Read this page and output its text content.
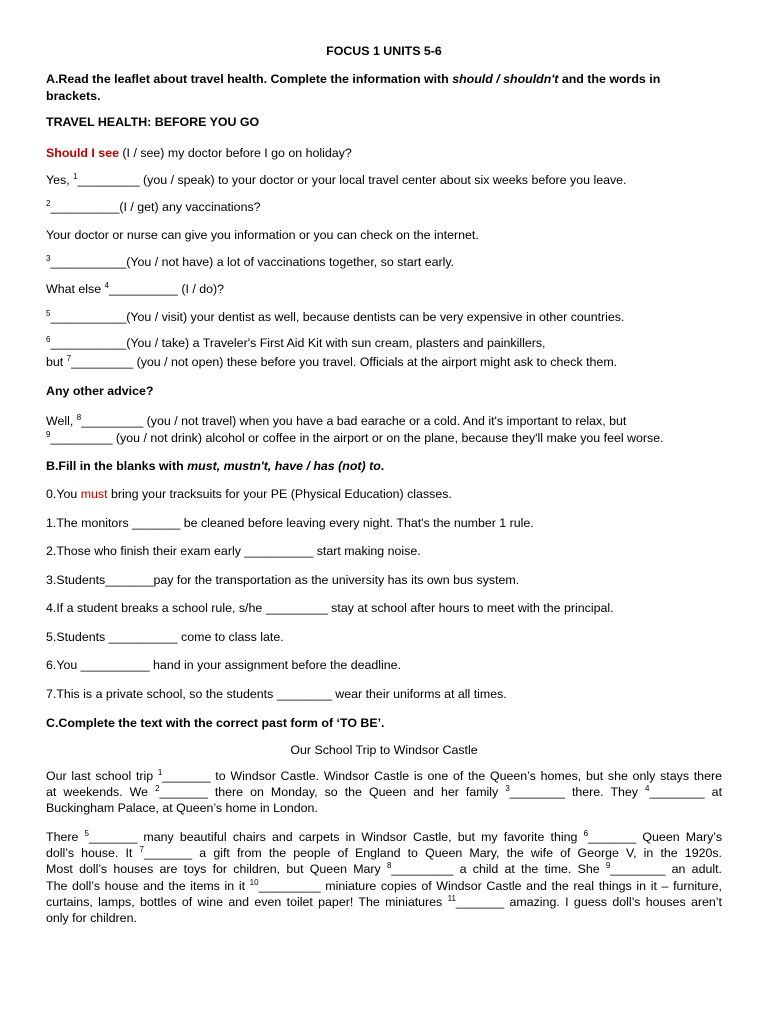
FOCUS 1 UNITS 5-6
A.Read the leaflet about travel health. Complete the information with should / shouldn't and the words in
brackets.
TRAVEL HEALTH: BEFORE YOU GO
Should I see (I / see) my doctor before I go on holiday?
Yes, $^1$_________ (you / speak) to your doctor or your local travel center about six weeks before you leave.
$^2$__________(I / get) any vaccinations?
Your doctor or nurse can give you information or you can check on the internet.
$^3$___________(You / not have) a lot of vaccinations together, so start early.
What else $^4$__________ (I / do)?
$^5$___________(You / visit) your dentist as well, because dentists can be very expensive in other countries.
$^6$___________(You / take) a Traveler's First Aid Kit with sun cream, plasters and painkillers,
but $^7$_________ (you / not open) these before you travel. Officials at the airport might ask to check them.
Any other advice?
Well, $^8$_________ (you / not travel) when you have a bad earache or a cold. And it's important to relax, but
$^9$_________ (you / not drink) alcohol or coffee in the airport or on the plane, because they'll make you feel worse.
B.Fill in the blanks with must, mustn't, have / has (not) to.
0.You must bring your tracksuits for your PE (Physical Education) classes.
1.The monitors _______ be cleaned before leaving every night. That's the number 1 rule.
2.Those who finish their exam early __________ start making noise.
3.Students_______pay for the transportation as the university has its own bus system.
4.If a student breaks a school rule, s/he _________ stay at school after hours to meet with the principal.
5.Students __________ come to class late.
6.You __________ hand in your assignment before the deadline.
7.This is a private school, so the students ________ wear their uniforms at all times.
C.Complete the text with the correct past form of ‘TO BE’.
Our School Trip to Windsor Castle
Our last school trip $^1$_______ to Windsor Castle. Windsor Castle is one of the Queen’s homes, but she only stays there
at weekends. We $^2$_______ there on Monday, so the Queen and her family $^3$________ there. They $^4$________ at
Buckingham Palace, at Queen’s home in London.
There $^5$_______ many beautiful chairs and carpets in Windsor Castle, but my favorite thing $^6$_______ Queen Mary’s
doll’s house. It $^7$_______ a gift from the people of England to Queen Mary, the wife of George V, in the 1920s.
Most doll’s houses are toys for children, but Queen Mary $^8$_________ a child at the time. She $^9$________ an adult.
The doll’s house and the items in it $^{10}$_________ miniature copies of Windsor Castle and the real things in it – furniture,
curtains, lamps, bottles of wine and even toilet paper! The miniatures $^{11}$_______ amazing. I guess doll’s houses aren’t
only for children.
